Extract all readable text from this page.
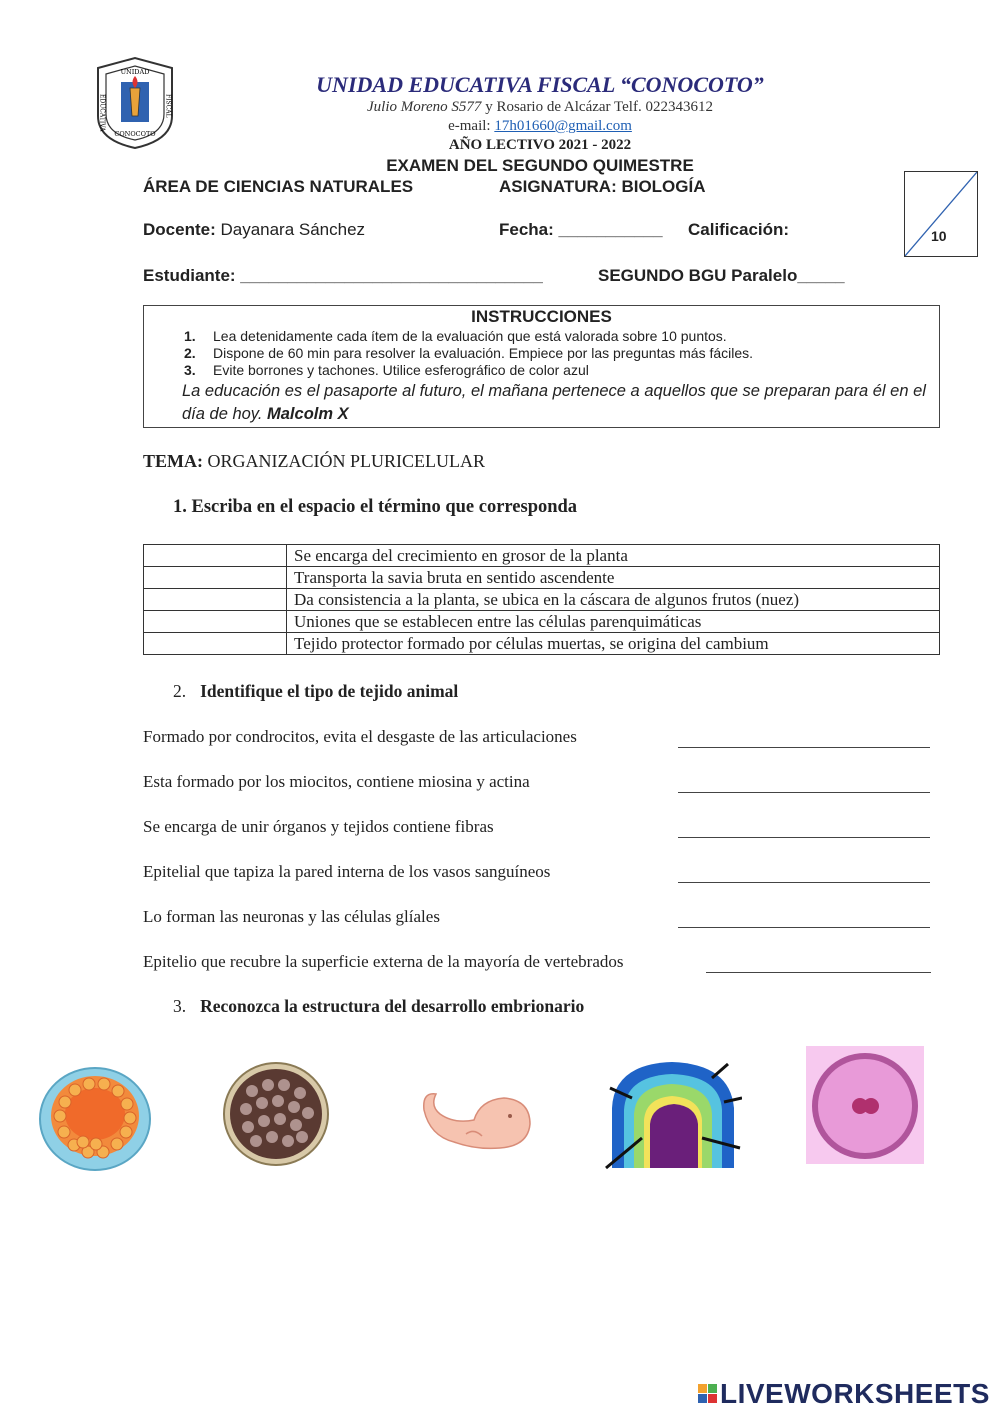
UNIDAD
EDUCATIVA	FISCAL
CONOCOTO
UNIDAD EDUCATIVA FISCAL “CONOCOTO”
Julio Moreno S577 y Rosario de Alcázar Telf. 022343612
e-mail: 17h01660@gmail.com
AÑO LECTIVO 2021 - 2022
EXAMEN DEL SEGUNDO QUIMESTRE
ÁREA DE CIENCIAS NATURALES	ASIGNATURA: BIOLOGÍA
Docente: Dayanara Sánchez	Fecha: ___________ Calificación:	10
Estudiante: ________________________________	SEGUNDO BGU Paralelo_____
INSTRUCCIONES
1. Lea detenidamente cada ítem de la evaluación que está valorada sobre 10 puntos.
2. Dispone de 60 min para resolver la evaluación. Empiece por las preguntas más fáciles.
3. Evite borrones y tachones. Utilice esferográfico de color azul
La educación es el pasaporte al futuro, el mañana pertenece a aquellos que se preparan para él en el día de hoy. Malcolm X
TEMA: ORGANIZACIÓN PLURICELULAR
1. Escriba en el espacio el término que corresponda
	Se encarga del crecimiento en grosor de la planta
	Transporta la savia bruta en sentido ascendente
	Da consistencia a la planta, se ubica en la cáscara de algunos frutos (nuez)
	Uniones que se establecen entre las células parenquimáticas
	Tejido protector formado por células muertas, se origina del cambium
2. Identifique el tipo de tejido animal
Formado por condrocitos, evita el desgaste de las articulaciones
Esta formado por los miocitos, contiene miosina y actina
Se encarga de unir órganos y tejidos contiene fibras
Epitelial que tapiza la pared interna de los vasos sanguíneos
Lo forman las neuronas y las células glíales
Epitelio que recubre la superficie externa de la mayoría de vertebrados
3. Reconozca la estructura del desarrollo embrionario
LIVEWORKSHEETS
